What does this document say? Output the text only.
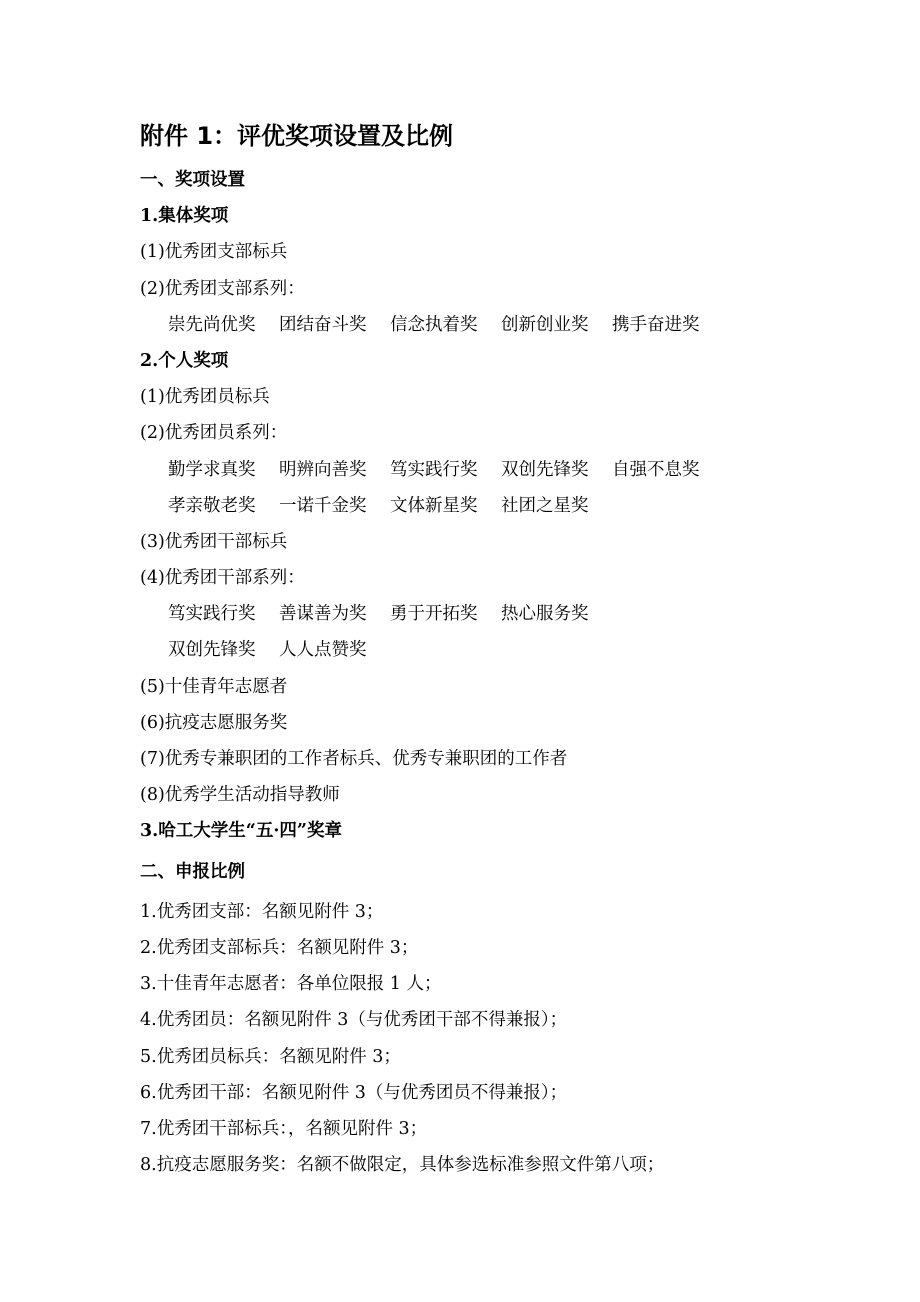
附件 1：评优奖项设置及比例
一、奖项设置
1.集体奖项
(1)优秀团支部标兵
(2)优秀团支部系列：
崇先尚优奖 团结奋斗奖 信念执着奖 创新创业奖 携手奋进奖
2.个人奖项
(1)优秀团员标兵
(2)优秀团员系列：
勤学求真奖 明辨向善奖 笃实践行奖 双创先锋奖 自强不息奖
孝亲敬老奖 一诺千金奖 文体新星奖 社团之星奖
(3)优秀团干部标兵
(4)优秀团干部系列：
笃实践行奖 善谋善为奖 勇于开拓奖 热心服务奖
双创先锋奖 人人点赞奖
(5)十佳青年志愿者
(6)抗疫志愿服务奖
(7)优秀专兼职团的工作者标兵、优秀专兼职团的工作者
(8)优秀学生活动指导教师
3.哈工大学生“五·四”奖章
二、申报比例
1.优秀团支部：名额见附件 3；
2.优秀团支部标兵：名额见附件 3；
3.十佳青年志愿者：各单位限报 1 人；
4.优秀团员：名额见附件 3（与优秀团干部不得兼报）；
5.优秀团员标兵：名额见附件 3；
6.优秀团干部：名额见附件 3（与优秀团员不得兼报）；
7.优秀团干部标兵：，名额见附件 3；
8.抗疫志愿服务奖：名额不做限定，具体参选标准参照文件第八项；
